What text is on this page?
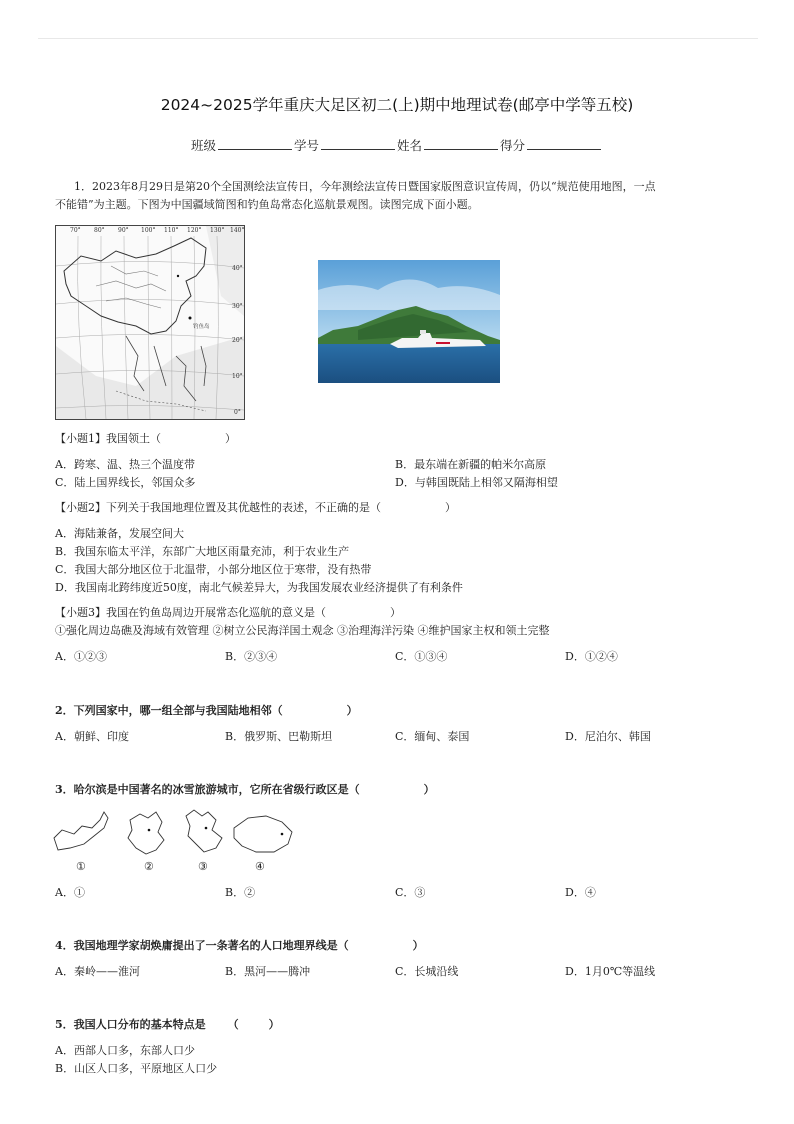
2024~2025学年重庆大足区初二(上)期中地理试卷(邮亭中学等五校)
班级	学号	姓名	得分
1．2023年8月29日是第20个全国测绘法宣传日，今年测绘法宣传日暨国家版图意识宣传周，仍以“规范使用地图，一点
不能错”为主题。下图为中国疆域简图和钓鱼岛常态化巡航景观图。读图完成下面小题。
70° 80° 90° 100° 110° 120° 130° 140°
40°
30°
20°
10°
0°
钓鱼岛
【小题1】我国领土（	）
A．跨寒、温、热三个温度带	B．最东端在新疆的帕米尔高原
C．陆上国界线长，邻国众多	D．与韩国既陆上相邻又隔海相望
【小题2】下列关于我国地理位置及其优越性的表述，不正确的是（	）
A．海陆兼备，发展空间大
B．我国东临太平洋，东部广大地区雨量充沛，利于农业生产
C．我国大部分地区位于北温带，小部分地区位于寒带，没有热带
D．我国南北跨纬度近50度，南北气候差异大，为我国发展农业经济提供了有利条件
【小题3】我国在钓鱼岛周边开展常态化巡航的意义是（	）
①强化周边岛礁及海域有效管理 ②树立公民海洋国土观念 ③治理海洋污染 ④维护国家主权和领土完整
A．①②③	B．②③④	C．①③④	D．①②④
2．下列国家中，哪一组全部与我国陆地相邻（	）
A．朝鲜、印度	B．俄罗斯、巴勒斯坦	C．缅甸、泰国	D．尼泊尔、韩国
3．哈尔滨是中国著名的冰雪旅游城市，它所在省级行政区是（	）
①	②	③	④
A．①	B．②	C．③	D．④
4．我国地理学家胡焕庸提出了一条著名的人口地理界线是（	）
A．秦岭——淮河	B．黑河——腾冲	C．长城沿线	D．1月0℃等温线
5．我国人口分布的基本特点是 （	）
A．西部人口多，东部人口少
B．山区人口多，平原地区人口少
